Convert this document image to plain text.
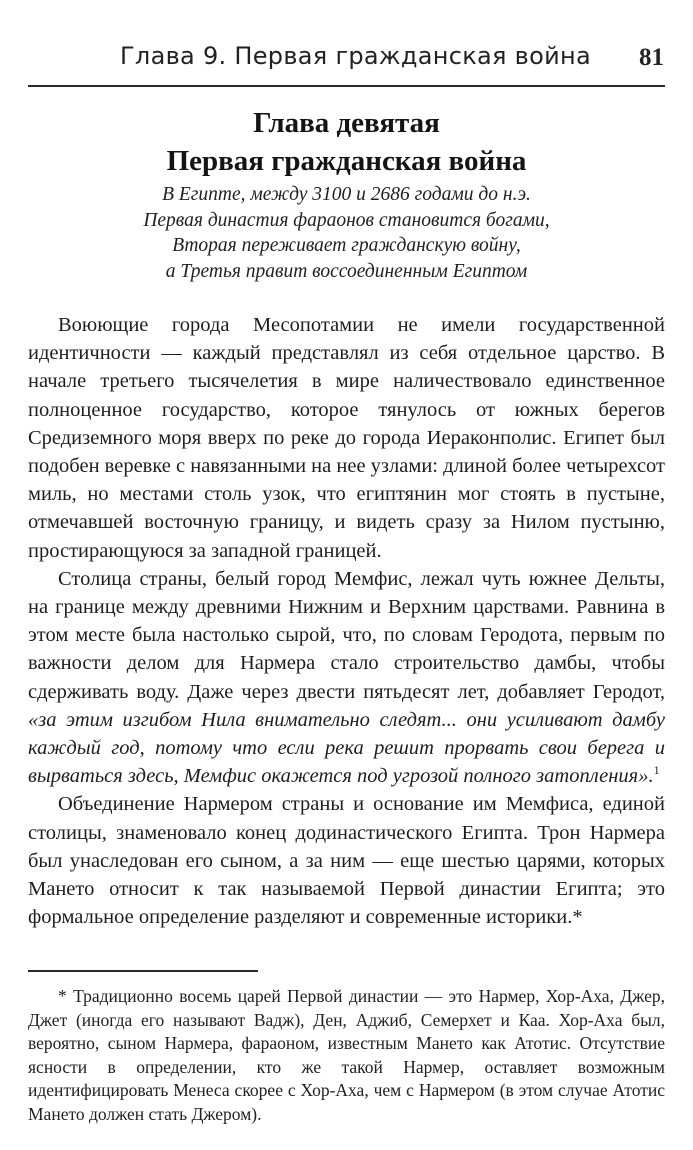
Глава 9. Первая гражданская война 81
Глава девятая
Первая гражданская война
В Египте, между 3100 и 2686 годами до н.э.
Первая династия фараонов становится богами,
Вторая переживает гражданскую войну,
а Третья правит воссоединенным Египтом

Воюющие города Месопотамии не имели государственной идентичности — каждый представлял из себя отдельное царство. В начале третьего тысячелетия в мире наличествовало единственное полноценное государство, которое тянулось от южных берегов Средиземного моря вверх по реке до города Иераконполис. Египет был подобен веревке с навязанными на нее узлами: длиной более четырехсот миль, но местами столь узок, что египтянин мог стоять в пустыне, отмечавшей восточную границу, и видеть сразу за Нилом пустыню, простирающуюся за западной границей.

Столица страны, белый город Мемфис, лежал чуть южнее Дельты, на границе между древними Нижним и Верхним царствами. Равнина в этом месте была настолько сырой, что, по словам Геродота, первым по важности делом для Нармера стало строительство дамбы, чтобы сдерживать воду. Даже через двести пятьдесят лет, добавляет Геродот, «за этим изгибом Нила внимательно следят... они усиливают дамбу каждый год, потому что если река решит прорвать свои берега и вырваться здесь, Мемфис окажется под угрозой полного затопления».$^1$

Объединение Нармером страны и основание им Мемфиса, единой столицы, знаменовало конец додинастического Египта. Трон Нармера был унаследован его сыном, а за ним — еще шестью царями, которых Мането относит к так называемой Первой династии Египта; это формальное определение разделяют и современные историки.*

* Традиционно восемь царей Первой династии — это Нармер, Хор-Аха, Джер, Джет (иногда его называют Вадж), Ден, Аджиб, Семерхет и Каа. Хор-Аха был, вероятно, сыном Нармера, фараоном, известным Мането как Атотис. Отсутствие ясности в определении, кто же такой Нармер, оставляет возможным идентифицировать Менеса скорее с Хор-Аха, чем с Нармером (в этом случае Атотис Мането должен стать Джером).
